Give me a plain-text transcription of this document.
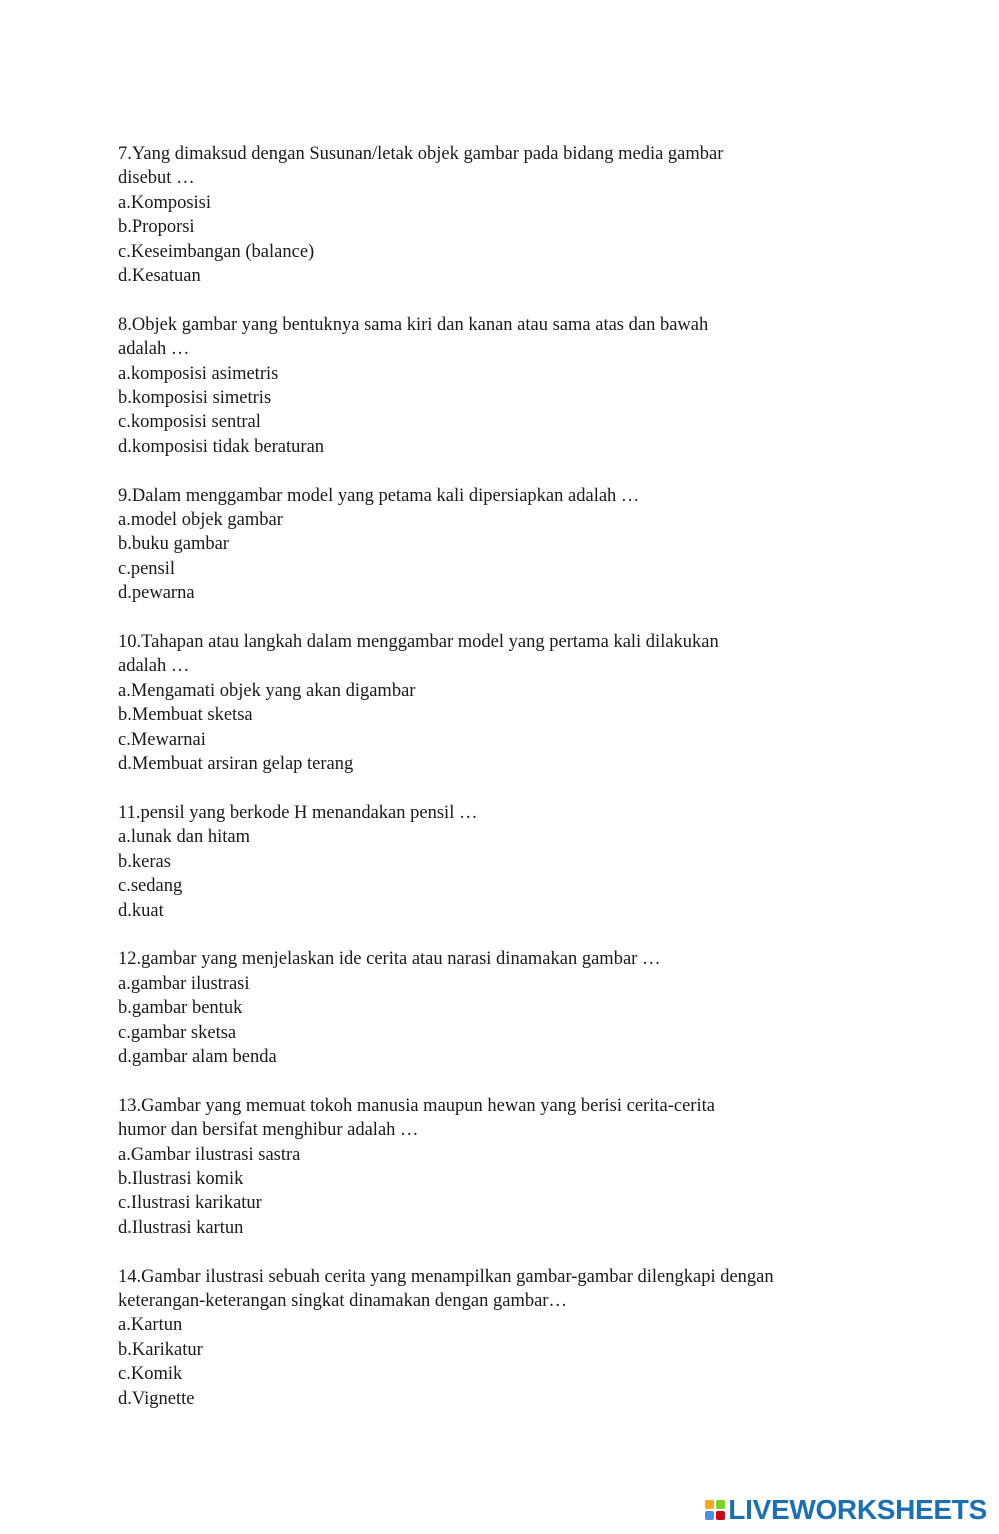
7.Yang dimaksud dengan Susunan/letak objek gambar pada bidang media gambar
disebut …
a.Komposisi
b.Proporsi
c.Keseimbangan (balance)
d.Kesatuan
8.Objek gambar yang bentuknya sama kiri dan kanan atau sama atas dan bawah
adalah …
a.komposisi asimetris
b.komposisi simetris
c.komposisi sentral
d.komposisi tidak beraturan
9.Dalam menggambar model yang petama kali dipersiapkan adalah …
a.model objek gambar
b.buku gambar
c.pensil
d.pewarna
10.Tahapan atau langkah dalam menggambar model yang pertama kali dilakukan
adalah …
a.Mengamati objek yang akan digambar
b.Membuat sketsa
c.Mewarnai
d.Membuat arsiran gelap terang
11.pensil yang berkode H menandakan pensil …
a.lunak dan hitam
b.keras
c.sedang
d.kuat
12.gambar yang menjelaskan ide cerita atau narasi dinamakan gambar …
a.gambar ilustrasi
b.gambar bentuk
c.gambar sketsa
d.gambar alam benda
13.Gambar yang memuat tokoh manusia maupun hewan yang berisi cerita-cerita
humor dan bersifat menghibur adalah …
a.Gambar ilustrasi sastra
b.Ilustrasi komik
c.Ilustrasi karikatur
d.Ilustrasi kartun
14.Gambar ilustrasi sebuah cerita yang menampilkan gambar-gambar dilengkapi dengan
keterangan-keterangan singkat dinamakan dengan gambar…
a.Kartun
b.Karikatur
c.Komik
d.Vignette
LIVEWORKSHEETS
